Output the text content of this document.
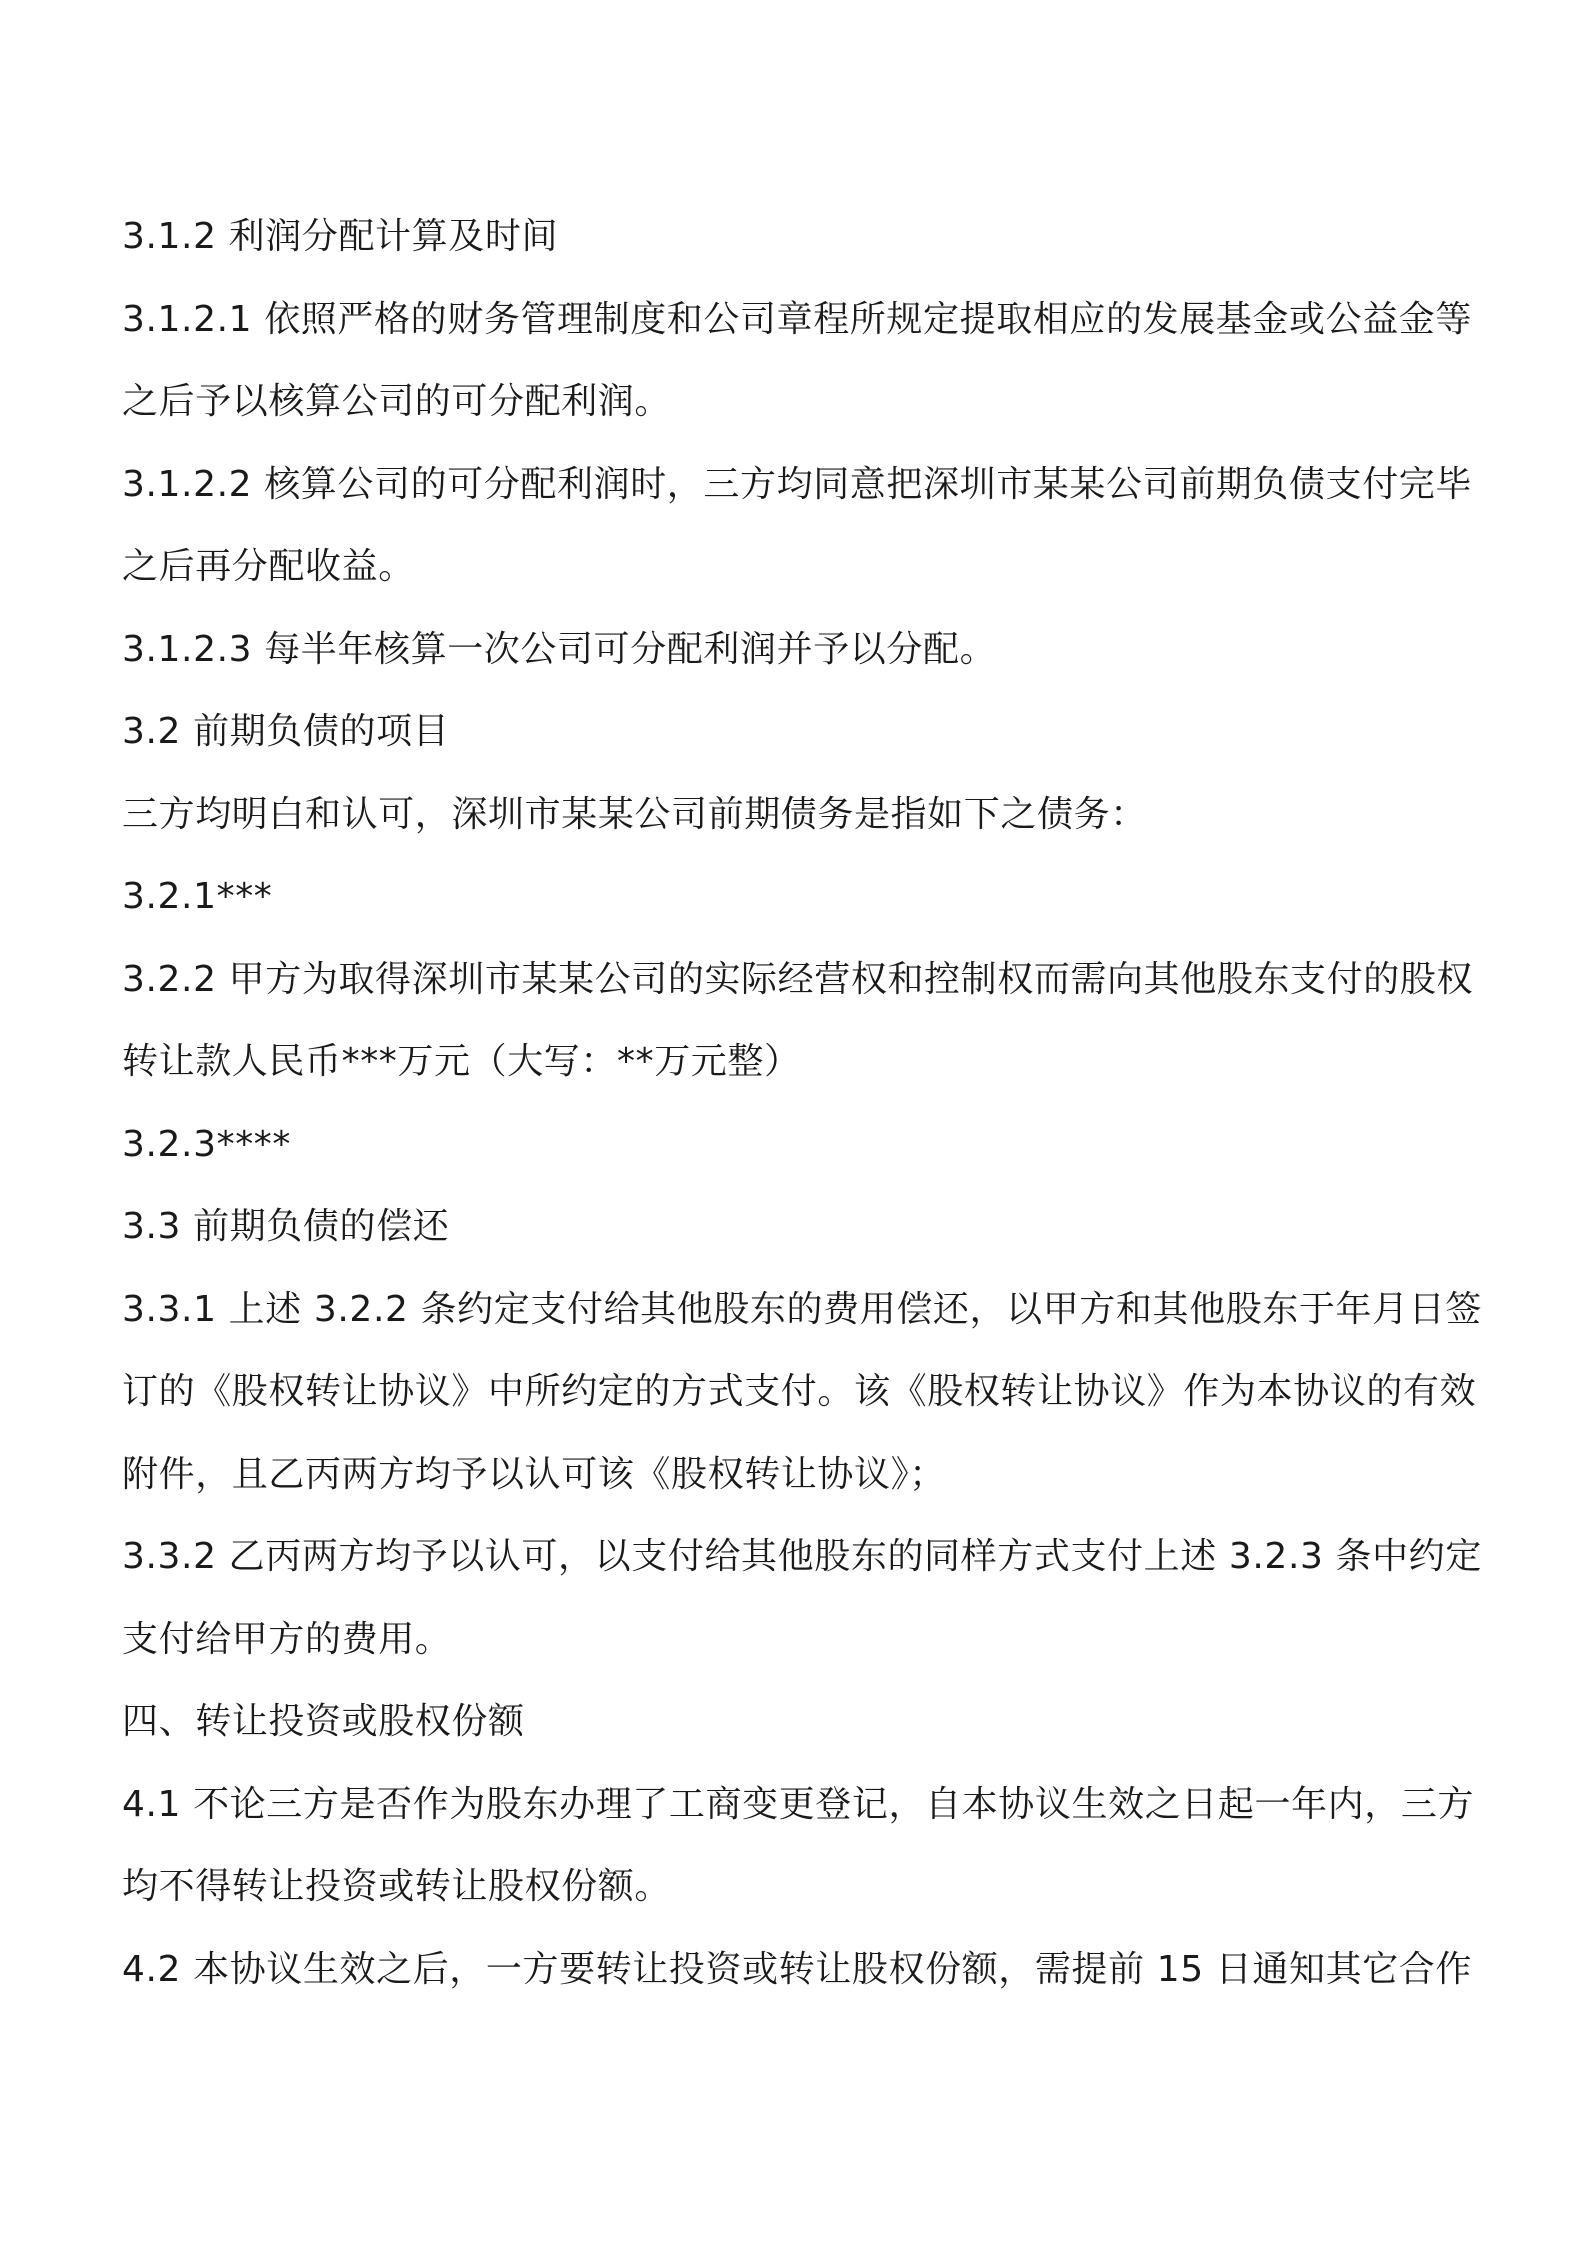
3.1.2 利润分配计算及时间
3.1.2.1 依照严格的财务管理制度和公司章程所规定提取相应的发展基金或公益金等
之后予以核算公司的可分配利润。
3.1.2.2 核算公司的可分配利润时，三方均同意把深圳市某某公司前期负债支付完毕
之后再分配收益。
3.1.2.3 每半年核算一次公司可分配利润并予以分配。
3.2 前期负债的项目
三方均明白和认可，深圳市某某公司前期债务是指如下之债务：
3.2.1***
3.2.2 甲方为取得深圳市某某公司的实际经营权和控制权而需向其他股东支付的股权
转让款人民币***万元（大写：**万元整）
3.2.3****
3.3 前期负债的偿还
3.3.1 上述 3.2.2 条约定支付给其他股东的费用偿还，以甲方和其他股东于年月日签
订的《股权转让协议》中所约定的方式支付。该《股权转让协议》作为本协议的有效
附件，且乙丙两方均予以认可该《股权转让协议》；
3.3.2 乙丙两方均予以认可，以支付给其他股东的同样方式支付上述 3.2.3 条中约定
支付给甲方的费用。
四、转让投资或股权份额
4.1 不论三方是否作为股东办理了工商变更登记，自本协议生效之日起一年内，三方
均不得转让投资或转让股权份额。
4.2 本协议生效之后，一方要转让投资或转让股权份额，需提前 15 日通知其它合作
